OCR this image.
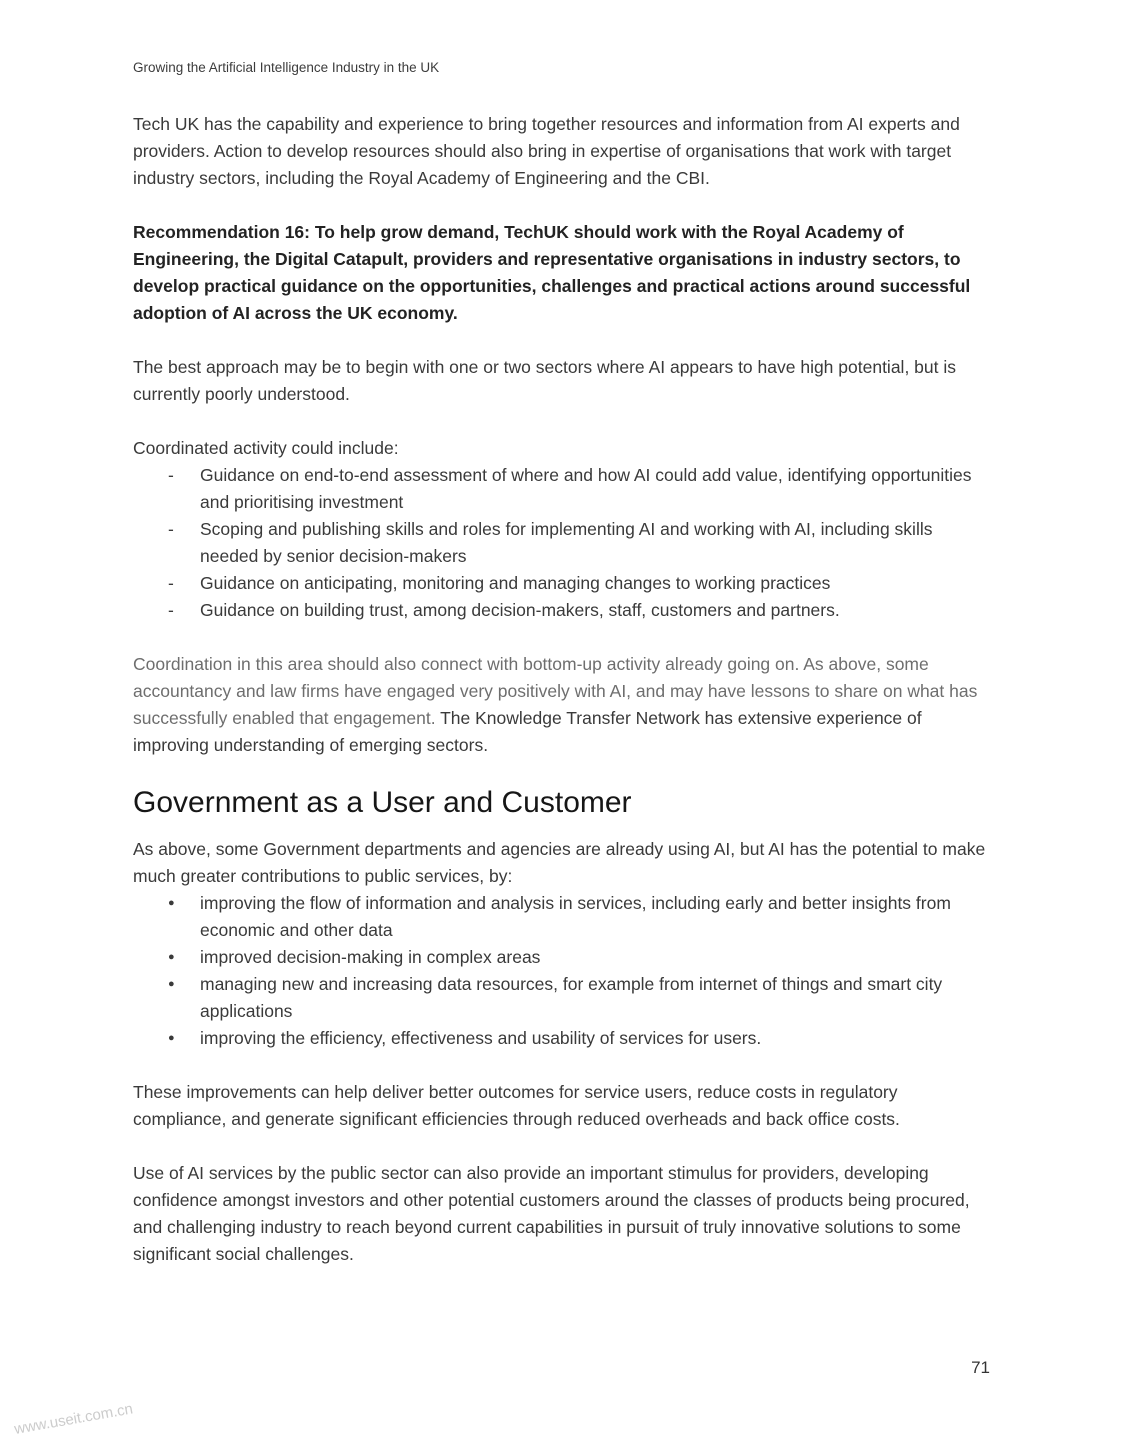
Growing the Artificial Intelligence Industry in the UK

Tech UK has the capability and experience to bring together resources and information from AI experts and providers. Action to develop resources should also bring in expertise of organisations that work with target industry sectors, including the Royal Academy of Engineering and the CBI.

Recommendation 16: To help grow demand, TechUK should work with the Royal Academy of Engineering, the Digital Catapult, providers and representative organisations in industry sectors, to develop practical guidance on the opportunities, challenges and practical actions around successful adoption of AI across the UK economy.

The best approach may be to begin with one or two sectors where AI appears to have high potential, but is currently poorly understood.

Coordinated activity could include:

-	Guidance on end-to-end assessment of where and how AI could add value, identifying opportunities and prioritising investment
-	Scoping and publishing skills and roles for implementing AI and working with AI, including skills needed by senior decision-makers
-	Guidance on anticipating, monitoring and managing changes to working practices
-	Guidance on building trust, among decision-makers, staff, customers and partners.

Coordination in this area should also connect with bottom-up activity already going on. As above, some accountancy and law firms have engaged very positively with AI, and may have lessons to share on what has successfully enabled that engagement. The Knowledge Transfer Network has extensive experience of improving understanding of emerging sectors.

Government as a User and Customer

As above, some Government departments and agencies are already using AI, but AI has the potential to make much greater contributions to public services, by:

●	improving the flow of information and analysis in services, including early and better insights from economic and other data
●	improved decision-making in complex areas
●	managing new and increasing data resources, for example from internet of things and smart city applications
●	improving the efficiency, effectiveness and usability of services for users.

These improvements can help deliver better outcomes for service users, reduce costs in regulatory compliance, and generate significant efficiencies through reduced overheads and back office costs.

Use of AI services by the public sector can also provide an important stimulus for providers, developing confidence amongst investors and other potential customers around the classes of products being procured, and challenging industry to reach beyond current capabilities in pursuit of truly innovative solutions to some significant social challenges.

71
www.useit.com.cn
